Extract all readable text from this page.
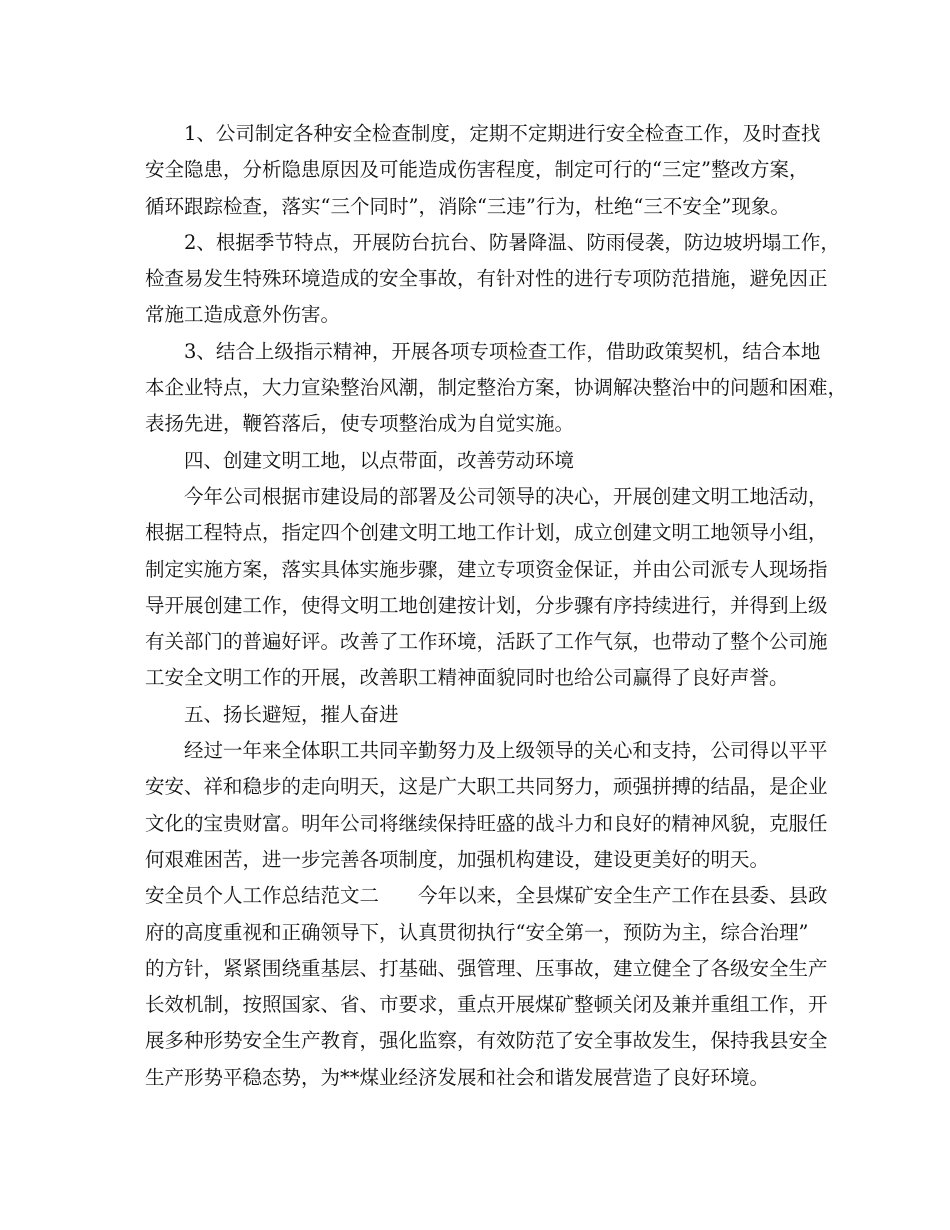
1、公司制定各种安全检查制度，定期不定期进行安全检查工作，及时查找
安全隐患，分析隐患原因及可能造成伤害程度，制定可行的“三定”整改方案，
循环跟踪检查，落实“三个同时”，消除“三违”行为，杜绝“三不安全”现象。
2、根据季节特点，开展防台抗台、防暑降温、防雨侵袭，防边坡坍塌工作，
检查易发生特殊环境造成的安全事故，有针对性的进行专项防范措施，避免因正
常施工造成意外伤害。
3、结合上级指示精神，开展各项专项检查工作，借助政策契机，结合本地
本企业特点，大力宣染整治风潮，制定整治方案，协调解决整治中的问题和困难，
表扬先进，鞭笞落后，使专项整治成为自觉实施。
四、创建文明工地，以点带面，改善劳动环境
今年公司根据市建设局的部署及公司领导的决心，开展创建文明工地活动，
根据工程特点，指定四个创建文明工地工作计划，成立创建文明工地领导小组，
制定实施方案，落实具体实施步骤，建立专项资金保证，并由公司派专人现场指
导开展创建工作，使得文明工地创建按计划，分步骤有序持续进行，并得到上级
有关部门的普遍好评。改善了工作环境，活跃了工作气氛，也带动了整个公司施
工安全文明工作的开展，改善职工精神面貌同时也给公司赢得了良好声誉。
五、扬长避短，摧人奋进
经过一年来全体职工共同辛勤努力及上级领导的关心和支持，公司得以平平
安安、祥和稳步的走向明天，这是广大职工共同努力，顽强拼搏的结晶，是企业
文化的宝贵财富。明年公司将继续保持旺盛的战斗力和良好的精神风貌，克服任
何艰难困苦，进一步完善各项制度，加强机构建设，建设更美好的明天。
安全员个人工作总结范文二　　今年以来，全县煤矿安全生产工作在县委、县政
府的高度重视和正确领导下，认真贯彻执行“安全第一，预防为主，综合治理”
的方针，紧紧围绕重基层、打基础、强管理、压事故，建立健全了各级安全生产
长效机制，按照国家、省、市要求，重点开展煤矿整顿关闭及兼并重组工作，开
展多种形势安全生产教育，强化监察，有效防范了安全事故发生，保持我县安全
生产形势平稳态势，为**煤业经济发展和社会和谐发展营造了良好环境。
